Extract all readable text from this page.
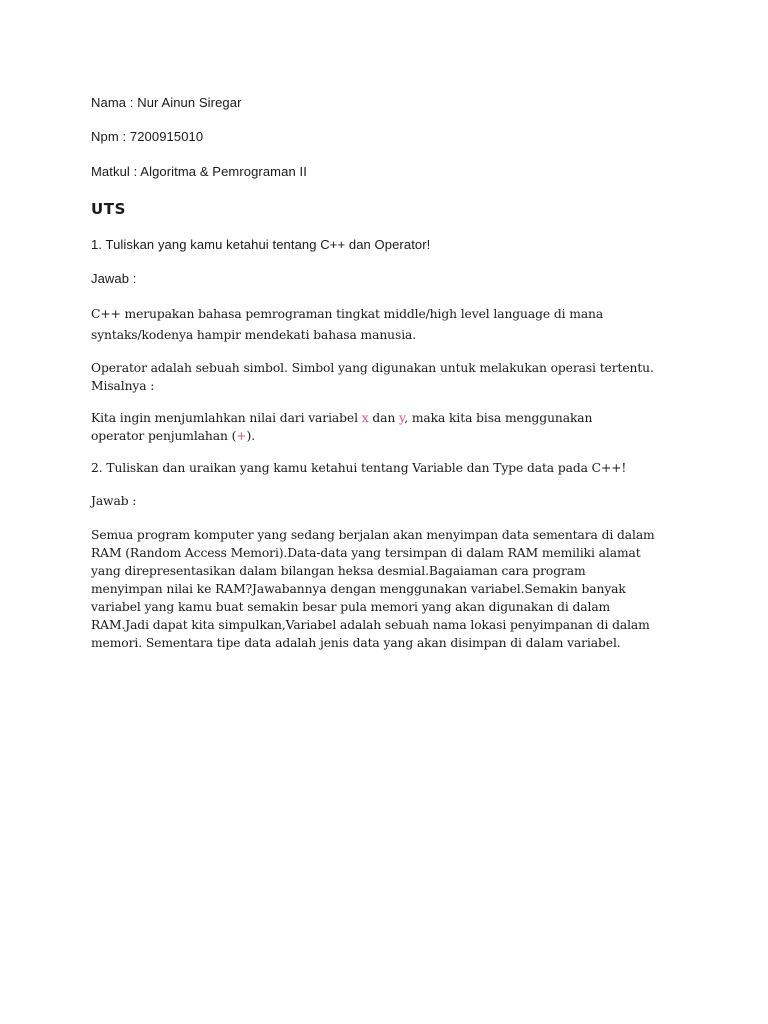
Nama : Nur Ainun Siregar

Npm : 7200915010

Matkul : Algoritma & Pemrograman II

UTS

1. Tuliskan yang kamu ketahui tentang C++ dan Operator!

Jawab :

C++ merupakan bahasa pemrograman tingkat middle/high level language di mana

syntaks/kodenya hampir mendekati bahasa manusia.

Operator adalah sebuah simbol. Simbol yang digunakan untuk melakukan operasi tertentu.

Misalnya :

Kita ingin menjumlahkan nilai dari variabel x dan y, maka kita bisa menggunakan

operator penjumlahan (+).

2. Tuliskan dan uraikan yang kamu ketahui tentang Variable dan Type data pada C++!

Jawab :

Semua program komputer yang sedang berjalan akan menyimpan data sementara di dalam

RAM (Random Access Memori).Data-data yang tersimpan di dalam RAM memiliki alamat

yang direpresentasikan dalam bilangan heksa desmial.Bagaiaman cara program

menyimpan nilai ke RAM?Jawabannya dengan menggunakan variabel.Semakin banyak

variabel yang kamu buat semakin besar pula memori yang akan digunakan di dalam

RAM.Jadi dapat kita simpulkan,Variabel adalah sebuah nama lokasi penyimpanan di dalam

memori. Sementara tipe data adalah jenis data yang akan disimpan di dalam variabel.
